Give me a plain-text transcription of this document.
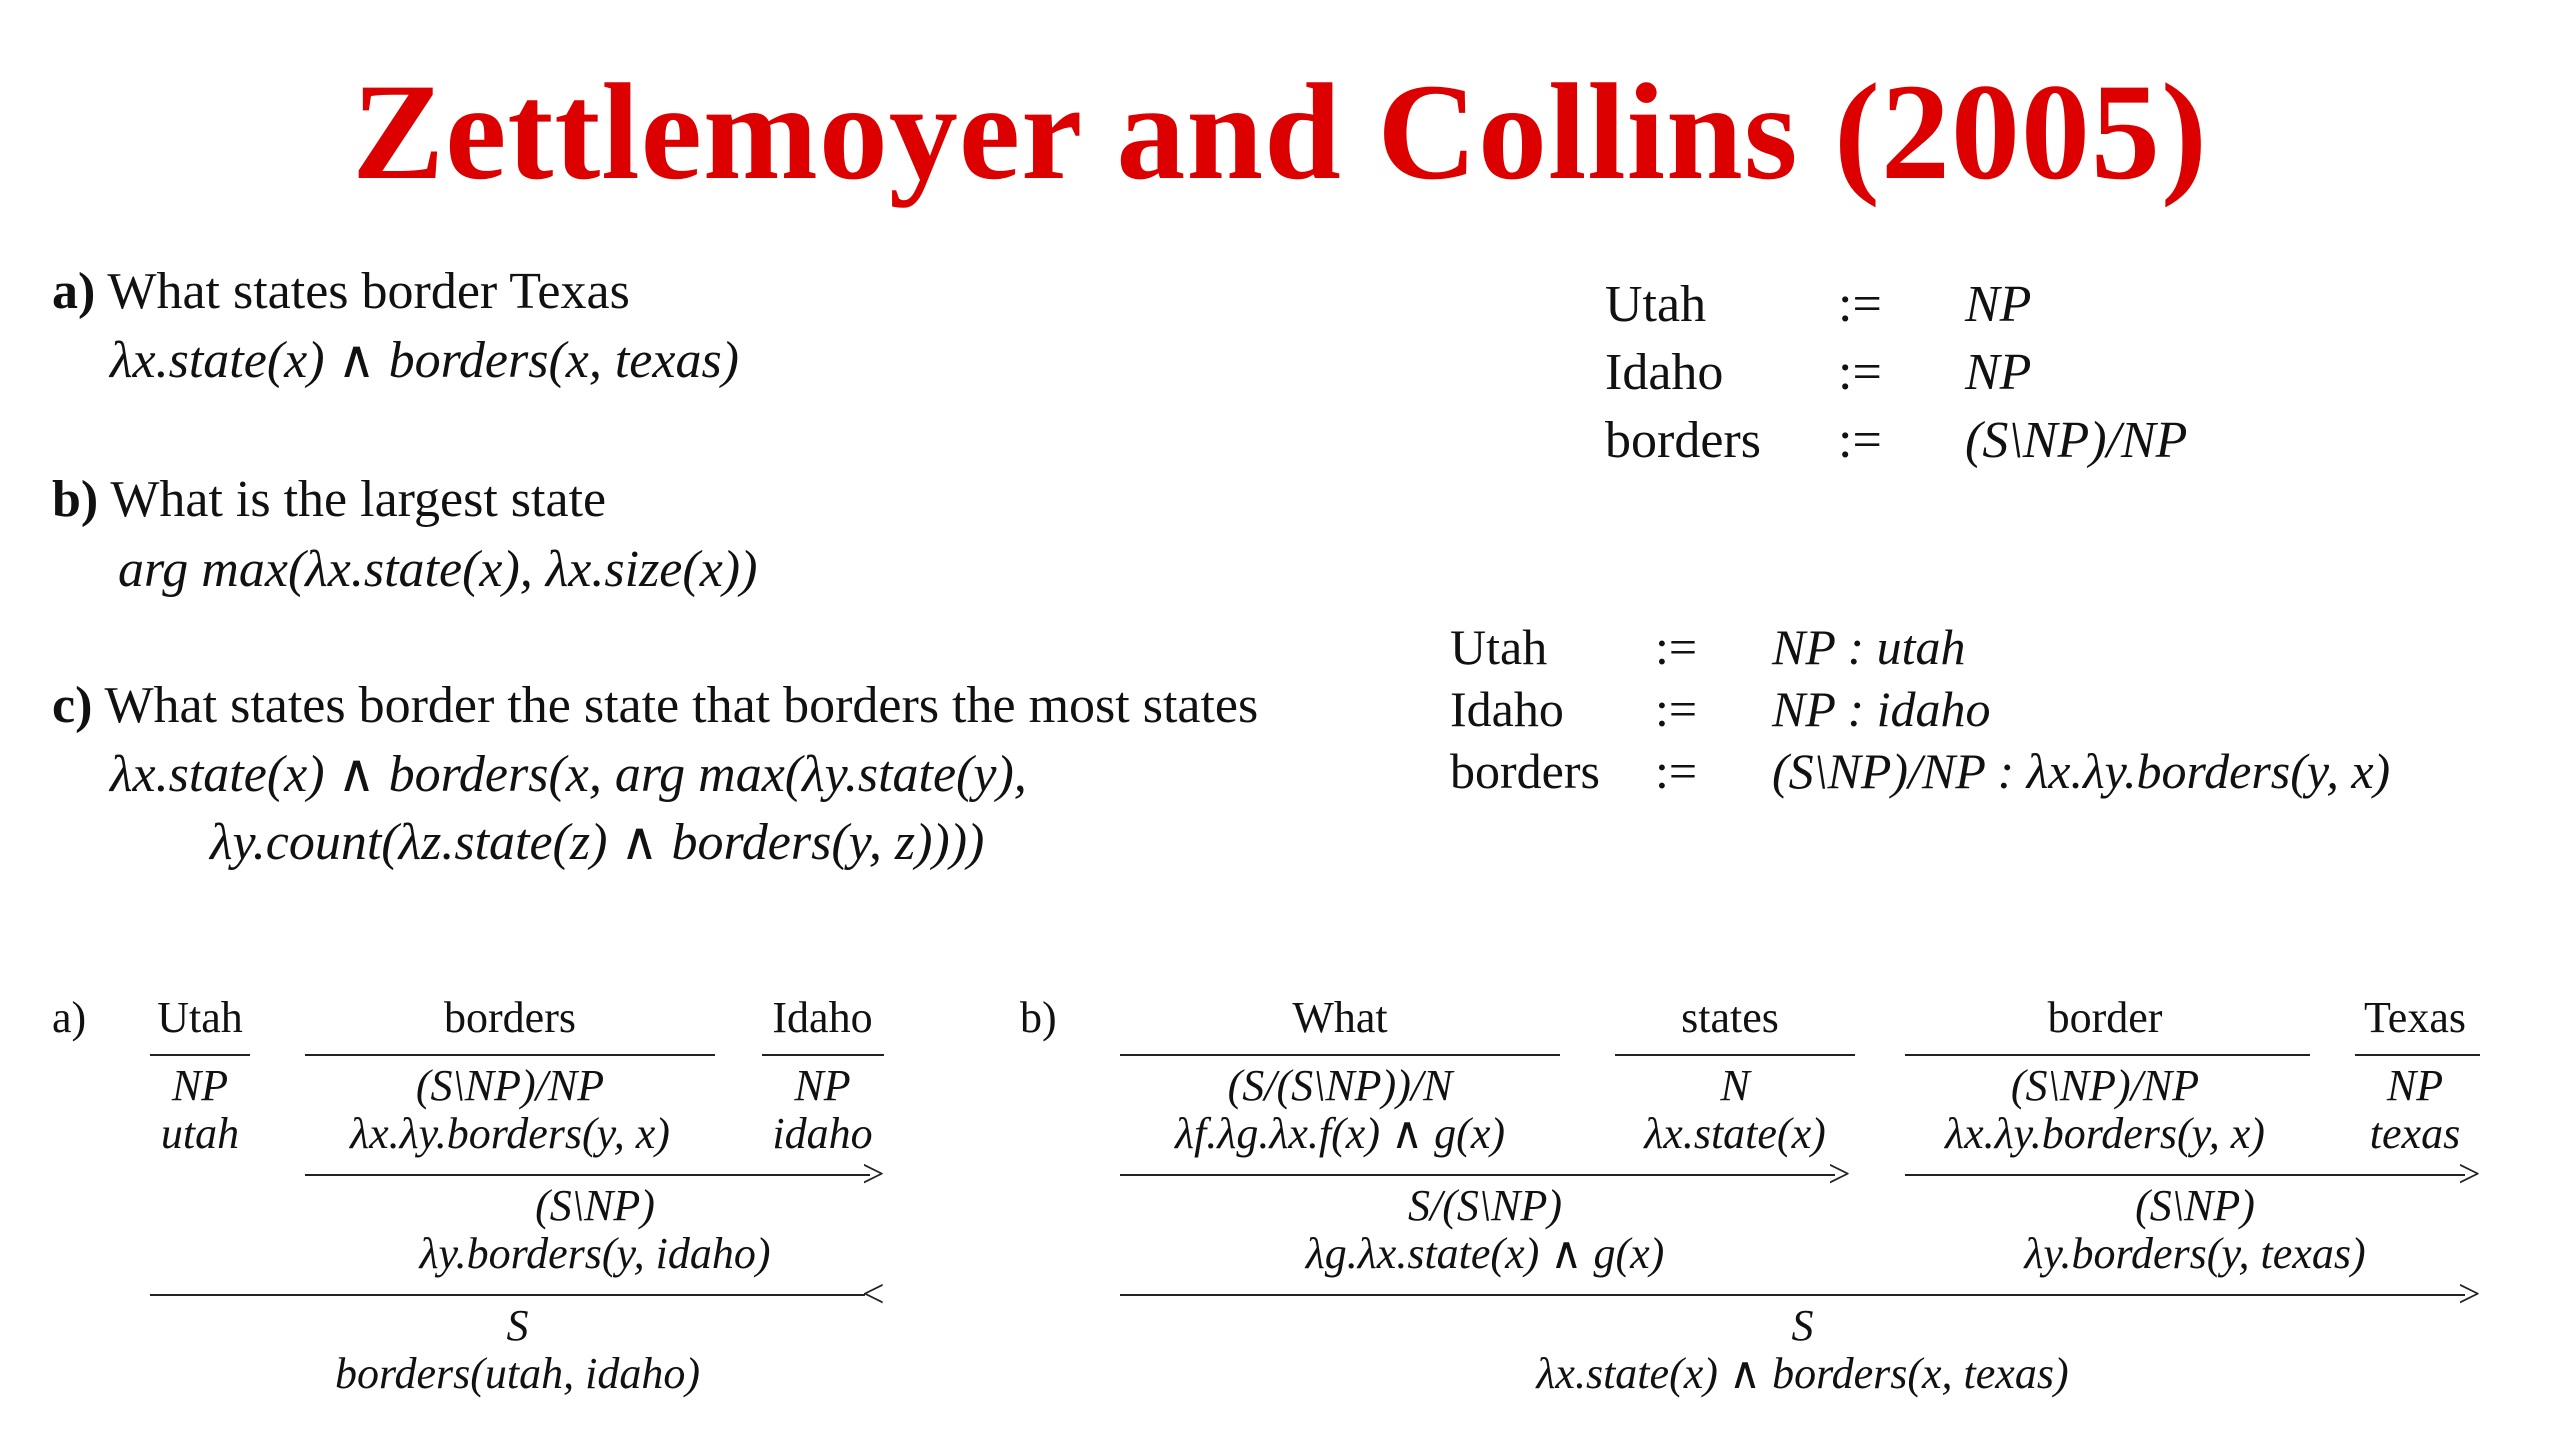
Zettlemoyer and Collins (2005)
a) What states border Texas
λx.state(x) ∧ borders(x, texas)
b) What is the largest state
arg max(λx.state(x), λx.size(x))
c) What states border the state that borders the most states
λx.state(x) ∧ borders(x, arg max(λy.state(y),
λy.count(λz.state(z) ∧ borders(y, z))))
Utah	:= NP
Idaho := NP
borders := (S\NP)/NP
Utah := NP : utah
Idaho := NP : idaho
borders := (S\NP)/NP : λx.λy.borders(y, x)
a)	Utah
NP
utah
borders
(S\NP)/NP
λx.λy.borders(y, x)
Idaho
NP
idaho
>
(S\NP)
λy.borders(y, idaho)
<
S
borders(utah, idaho)
b)	What
(S/(S\NP))/N
λf.λg.λx.f(x) ∧ g(x)
states
N
λx.state(x)
border
(S\NP)/NP
λx.λy.borders(y, x)
Texas
NP
texas
>
S/(S\NP)
λg.λx.state(x) ∧ g(x)
>
(S\NP)
λy.borders(y, texas)
>
S
λx.state(x) ∧ borders(x, texas)
